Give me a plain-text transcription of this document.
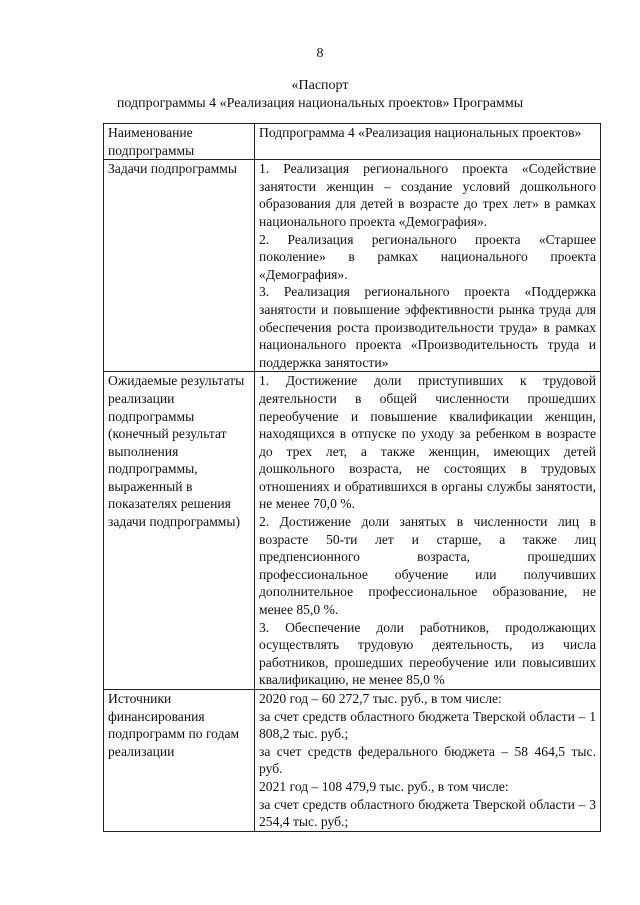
8
«Паспорт
подпрограммы 4 «Реализация национальных проектов» Программы
Наименование подпрограммы	Подпрограмма 4 «Реализация национальных проектов»

Задачи подпрограммы	1. Реализация регионального проекта «Содействие занятости женщин – создание условий дошкольного образования для детей в возрасте до трех лет» в рамках национального проекта «Демография».

2. Реализация регионального проекта «Старшее поколение» в рамках национального проекта «Демография».

3. Реализация регионального проекта «Поддержка занятости и повышение эффективности рынка труда для обеспечения роста производительности труда» в рамках национального проекта «Производительность труда и поддержка занятости»

Ожидаемые результаты реализации подпрограммы (конечный результат выполнения подпрограммы, выраженный в показателях решения задачи подпрограммы)	1. Достижение доли приступивших к трудовой деятельности в общей численности прошедших переобучение и повышение квалификации женщин, находящихся в отпуске по уходу за ребенком в возрасте до трех лет, а также женщин, имеющих детей дошкольного возраста, не состоящих в трудовых отношениях и обратившихся в органы службы занятости, не менее 70,0 %.

2. Достижение доли занятых в численности лиц в возрасте 50-ти лет и старше, а также лиц предпенсионного возраста, прошедших профессиональное обучение или получивших дополнительное профессиональное образование, не менее 85,0 %.

3. Обеспечение доли работников, продолжающих осуществлять трудовую деятельность, из числа работников, прошедших переобучение или повысивших квалификацию, не менее 85,0 %

Источники финансирования подпрограмм по годам реализации	2020 год – 60 272,7 тыс. руб., в том числе:

за счет средств областного бюджета Тверской области – 1 808,2 тыс. руб.;

за счет средств федерального бюджета – 58 464,5 тыс. руб.

2021 год – 108 479,9 тыс. руб., в том числе:

за счет средств областного бюджета Тверской области – 3 254,4 тыс. руб.;
